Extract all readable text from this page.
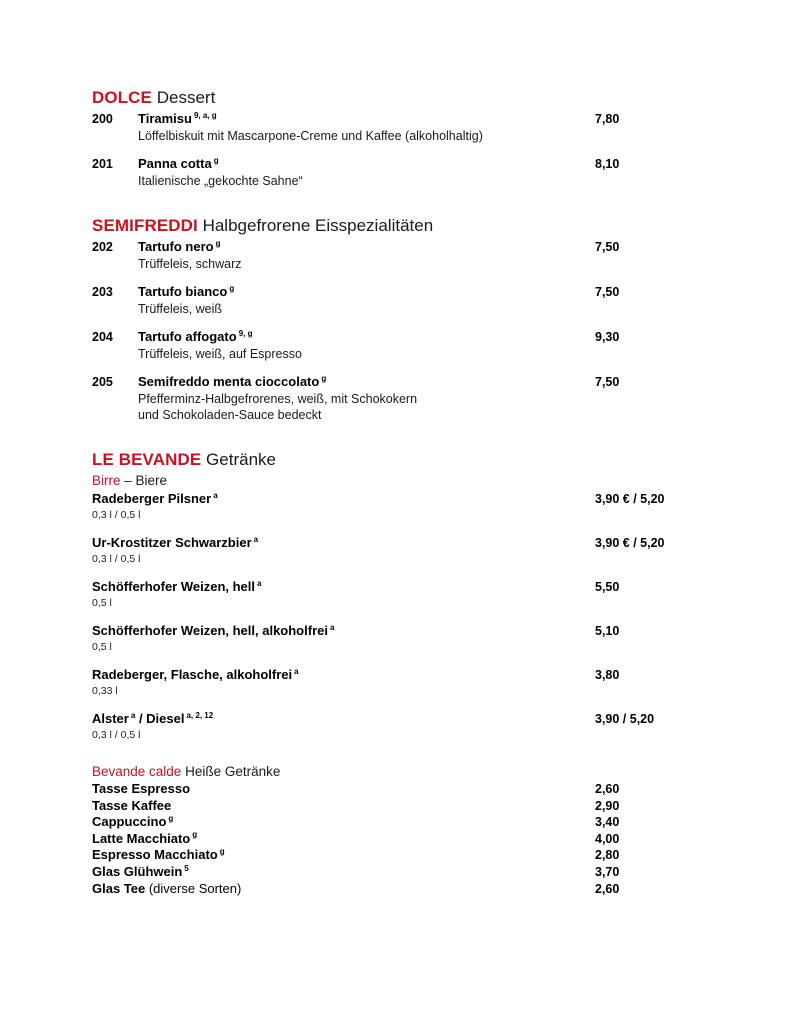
DOLCE Dessert
200	Tiramisu $^{9, a, g}$	7,80
Löffelbiskuit mit Mascarpone-Creme und Kaffee (alkoholhaltig)
201	Panna cotta $^g$	8,10
Italienische „gekochte Sahne“
SEMIFREDDI Halbgefrorene Eisspezialitäten
202	Tartufo nero $^g$	7,50
Trüffeleis, schwarz
203	Tartufo bianco $^g$	7,50
Trüffeleis, weiß
204	Tartufo affogato $^{9, g}$	9,30
Trüffeleis, weiß, auf Espresso
205	Semifreddo menta cioccolato $^g$	7,50
Pfefferminz-Halbgefrorenes, weiß, mit Schokokern
und Schokoladen-Sauce bedeckt
LE BEVANDE Getränke
Birre – Biere
Radeberger Pilsner $^a$	3,90 € / 5,20
0,3 l / 0,5 l
Ur-Krostitzer Schwarzbier $^a$	3,90 € / 5,20
0,3 l / 0,5 l
Schöfferhofer Weizen, hell $^a$	5,50
0,5 l
Schöfferhofer Weizen, hell, alkoholfrei $^a$	5,10
0,5 l
Radeberger, Flasche, alkoholfrei $^a$	3,80
0,33 l
Alster $^a$ / Diesel $^{a, 2, 12}$	3,90 / 5,20
0,3 l / 0,5 l
Bevande calde Heiße Getränke
Tasse Espresso	2,60
Tasse Kaffee	2,90
Cappuccino $^g$	3,40
Latte Macchiato $^g$	4,00
Espresso Macchiato $^g$	2,80
Glas Glühwein $^5$	3,70
Glas Tee (diverse Sorten)	2,60
